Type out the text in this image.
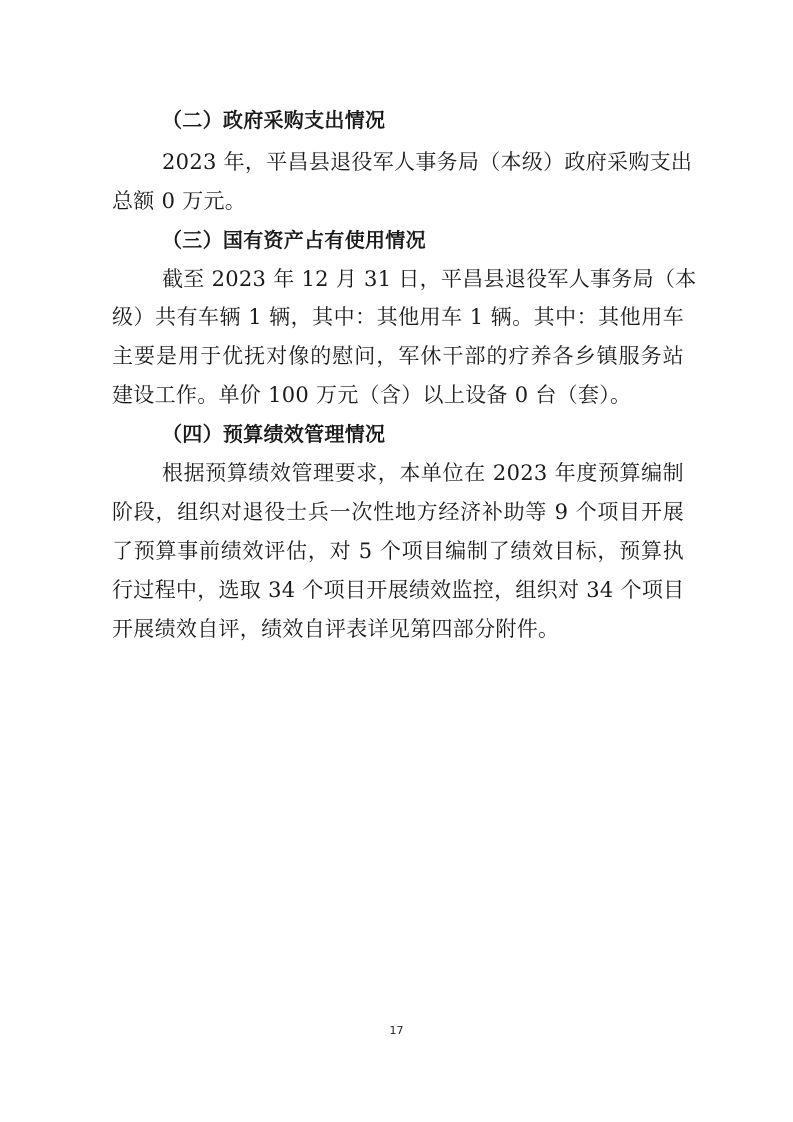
（二）政府采购支出情况
2023 年，平昌县退役军人事务局（本级）政府采购支出
总额 0 万元。
（三）国有资产占有使用情况
截至 2023 年 12 月 31 日，平昌县退役军人事务局（本
级）共有车辆 1 辆，其中：其他用车 1 辆。其中：其他用车
主要是用于优抚对像的慰问，军休干部的疗养各乡镇服务站
建设工作。单价 100 万元（含）以上设备 0 台（套）。
（四）预算绩效管理情况
根据预算绩效管理要求，本单位在 2023 年度预算编制
阶段，组织对退役士兵一次性地方经济补助等 9 个项目开展
了预算事前绩效评估，对 5 个项目编制了绩效目标，预算执
行过程中，选取 34 个项目开展绩效监控，组织对 34 个项目
开展绩效自评，绩效自评表详见第四部分附件。
17
